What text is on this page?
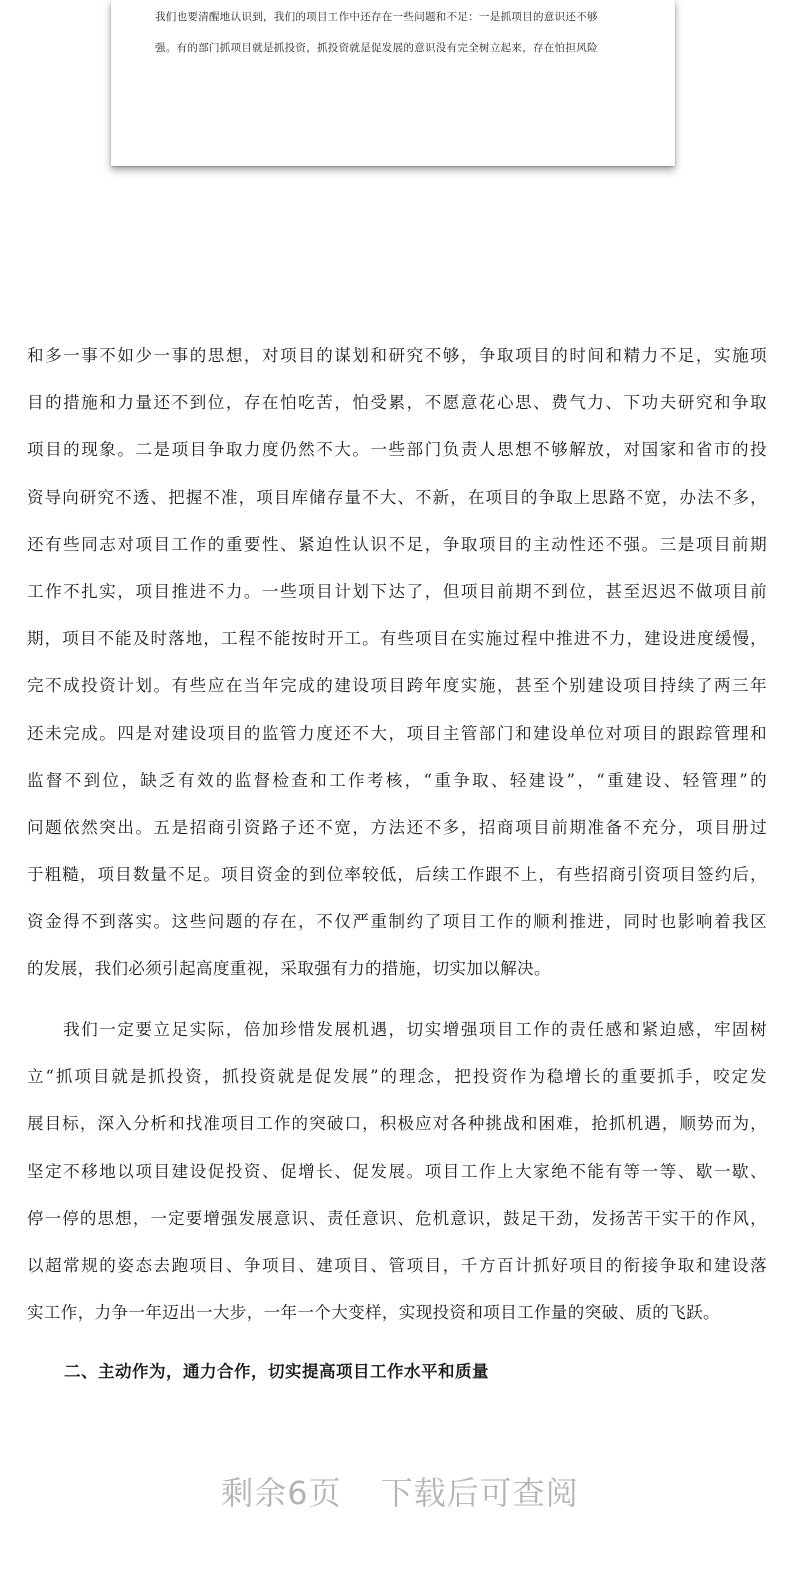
我们也要清醒地认识到，我们的项目工作中还存在一些问题和不足：一是抓项目的意识还不够

强。有的部门抓项目就是抓投资，抓投资就是促发展的意识没有完全树立起来，存在怕担风险

和多一事不如少一事的思想，对项目的谋划和研究不够，争取项目的时间和精力不足，实施项
目的措施和力量还不到位，存在怕吃苦，怕受累，不愿意花心思、费气力、下功夫研究和争取
项目的现象。二是项目争取力度仍然不大。一些部门负责人思想不够解放，对国家和省市的投
资导向研究不透、把握不准，项目库储存量不大、不新，在项目的争取上思路不宽，办法不多，
还有些同志对项目工作的重要性、紧迫性认识不足，争取项目的主动性还不强。三是项目前期
工作不扎实，项目推进不力。一些项目计划下达了，但项目前期不到位，甚至迟迟不做项目前
期，项目不能及时落地，工程不能按时开工。有些项目在实施过程中推进不力，建设进度缓慢，
完不成投资计划。有些应在当年完成的建设项目跨年度实施，甚至个别建设项目持续了两三年
还未完成。四是对建设项目的监管力度还不大，项目主管部门和建设单位对项目的跟踪管理和
监督不到位，缺乏有效的监督检查和工作考核，“重争取、轻建设”，“重建设、轻管理”的
问题依然突出。五是招商引资路子还不宽，方法还不多，招商项目前期准备不充分，项目册过
于粗糙，项目数量不足。项目资金的到位率较低，后续工作跟不上，有些招商引资项目签约后，
资金得不到落实。这些问题的存在，不仅严重制约了项目工作的顺利推进，同时也影响着我区
的发展，我们必须引起高度重视，采取强有力的措施，切实加以解决。
　　我们一定要立足实际，倍加珍惜发展机遇，切实增强项目工作的责任感和紧迫感，牢固树
立“抓项目就是抓投资，抓投资就是促发展”的理念，把投资作为稳增长的重要抓手，咬定发
展目标，深入分析和找准项目工作的突破口，积极应对各种挑战和困难，抢抓机遇，顺势而为，
坚定不移地以项目建设促投资、促增长、促发展。项目工作上大家绝不能有等一等、歇一歇、
停一停的思想，一定要增强发展意识、责任意识、危机意识，鼓足干劲，发扬苦干实干的作风，
以超常规的姿态去跑项目、争项目、建项目、管项目，千方百计抓好项目的衔接争取和建设落
实工作，力争一年迈出一大步，一年一个大变样，实现投资和项目工作量的突破、质的飞跃。
二、主动作为，通力合作，切实提高项目工作水平和质量
剩余6页 下载后可查阅
